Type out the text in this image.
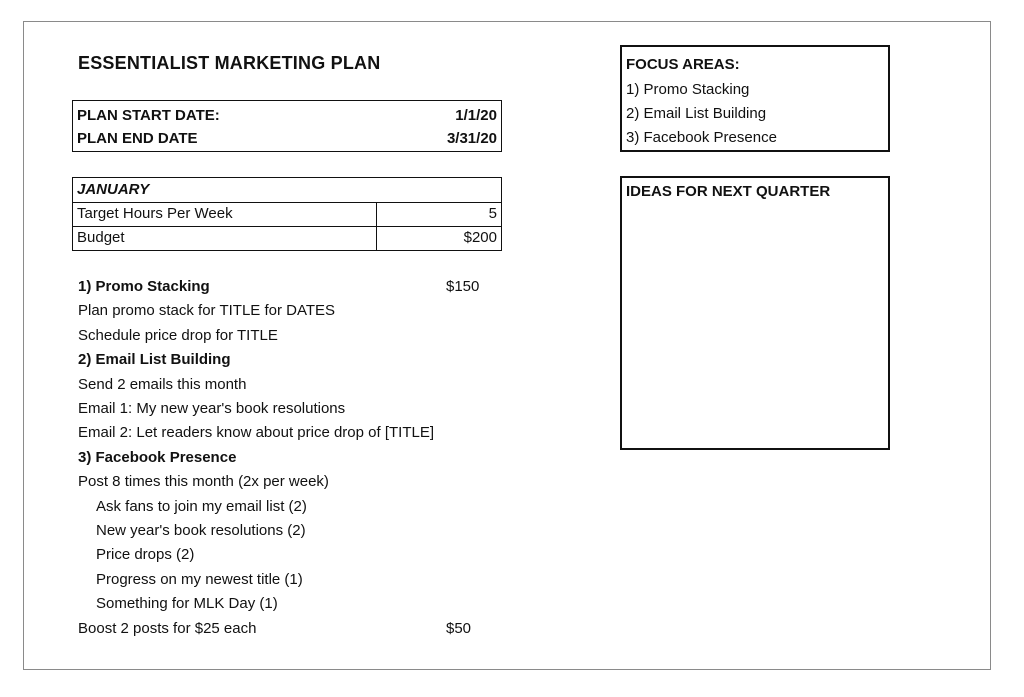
ESSENTIALIST MARKETING PLAN
PLAN START DATE:	1/1/20
PLAN END DATE	3/31/20
JANUARY
Target Hours Per Week	5
Budget	$200
1) Promo Stacking	$150
Plan promo stack for TITLE for DATES
Schedule price drop for TITLE
2) Email List Building
Send 2 emails this month
Email 1: My new year's book resolutions
Email 2: Let readers know about price drop of [TITLE]
3) Facebook Presence
Post 8 times this month (2x per week)
Ask fans to join my email list (2)
New year's book resolutions (2)
Price drops (2)
Progress on my newest title (1)
Something for MLK Day (1)
Boost 2 posts for $25 each	$50
FOCUS AREAS:
1) Promo Stacking
2) Email List Building
3) Facebook Presence
IDEAS FOR NEXT QUARTER
